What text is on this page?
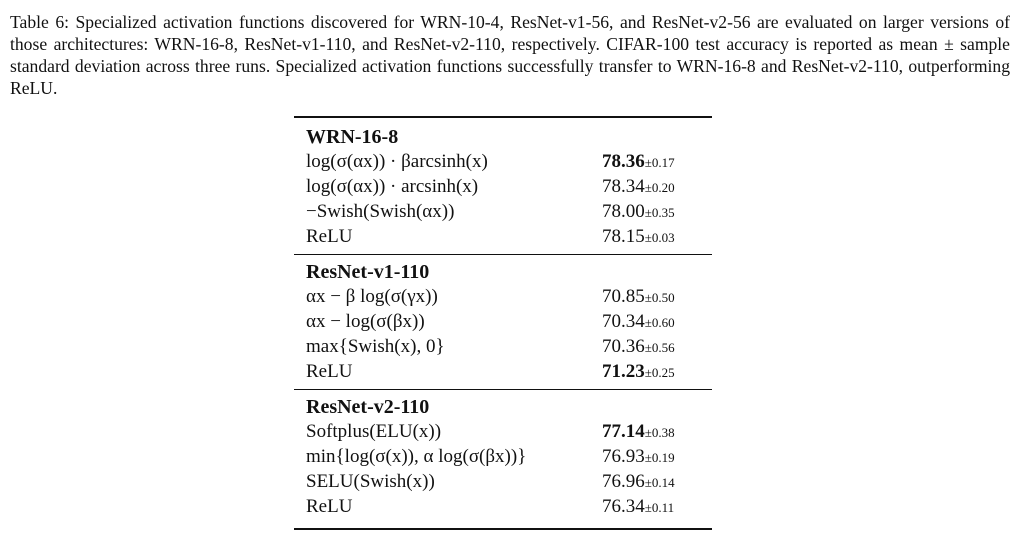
Table 6: Specialized activation functions discovered for WRN-10-4, ResNet-v1-56, and ResNet-v2-56 are evaluated on larger versions of those architectures: WRN-16-8, ResNet-v1-110, and ResNet-v2-110, respectively. CIFAR-100 test accuracy is reported as mean ± sample standard deviation across three runs. Specialized activation functions successfully transfer to WRN-16-8 and ResNet-v2-110, outperforming ReLU.
WRN-16-8
log(σ(αx)) · βarcsinh(x)	78.36±0.17
log(σ(αx)) · arcsinh(x)	78.34±0.20
−Swish(Swish(αx))	78.00±0.35
ReLU	78.15±0.03
ResNet-v1-110
αx − β log(σ(γx))	70.85±0.50
αx − log(σ(βx))	70.34±0.60
max{Swish(x), 0}	70.36±0.56
ReLU	71.23±0.25
ResNet-v2-110
Softplus(ELU(x))	77.14±0.38
min{log(σ(x)), α log(σ(βx))}	76.93±0.19
SELU(Swish(x))	76.96±0.14
ReLU	76.34±0.11
